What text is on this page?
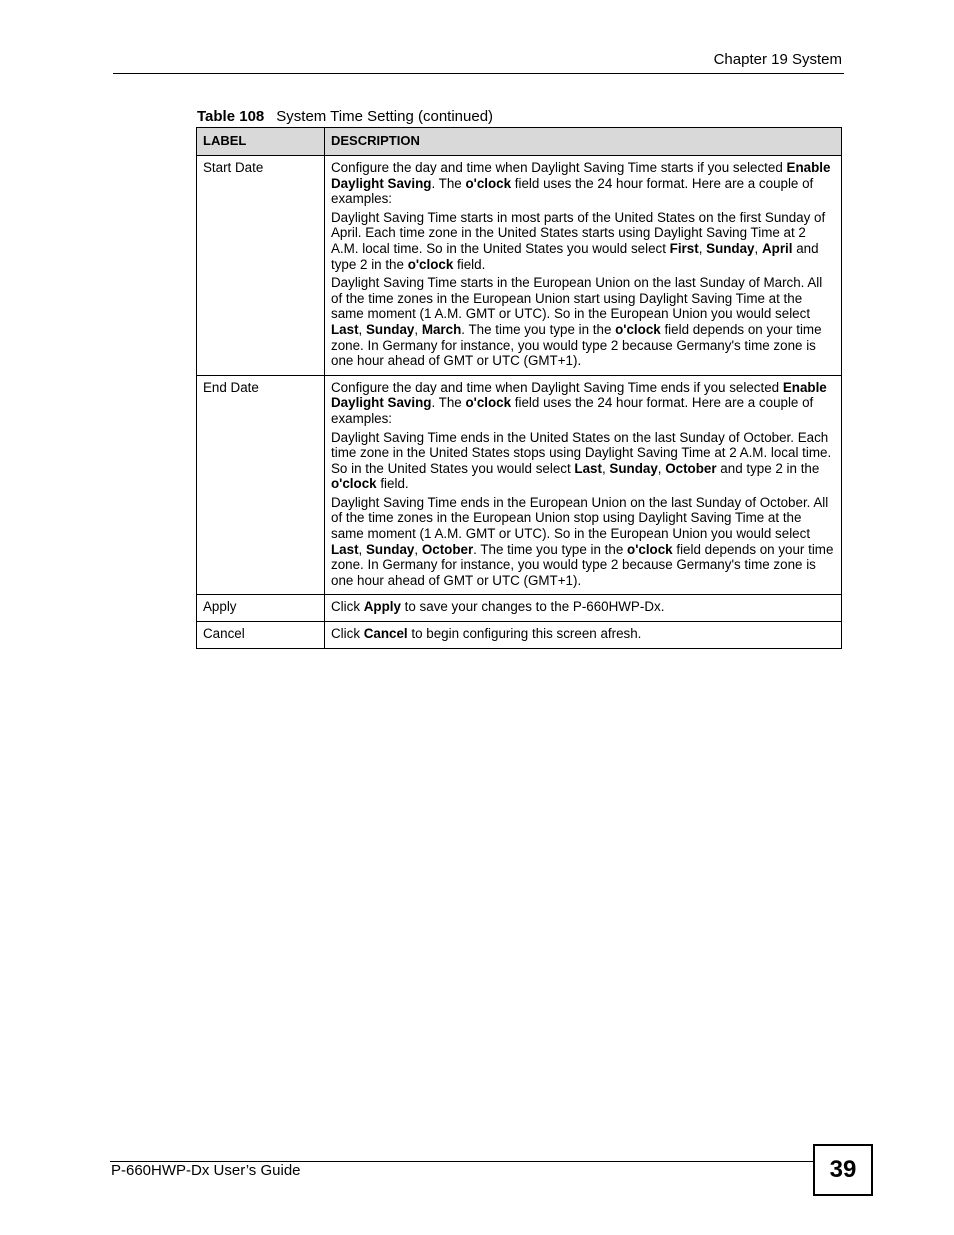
Chapter 19 System
Table 108 System Time Setting (continued)
LABEL	DESCRIPTION
Start Date	Configure the day and time when Daylight Saving Time starts if you selected Enable Daylight Saving. The o'clock field uses the 24 hour format. Here are a couple of examples:

Daylight Saving Time starts in most parts of the United States on the first Sunday of April. Each time zone in the United States starts using Daylight Saving Time at 2 A.M. local time. So in the United States you would select First, Sunday, April and type 2 in the o'clock field.

Daylight Saving Time starts in the European Union on the last Sunday of March. All of the time zones in the European Union start using Daylight Saving Time at the same moment (1 A.M. GMT or UTC). So in the European Union you would select Last, Sunday, March. The time you type in the o'clock field depends on your time zone. In Germany for instance, you would type 2 because Germany's time zone is one hour ahead of GMT or UTC (GMT+1).

End Date	Configure the day and time when Daylight Saving Time ends if you selected Enable Daylight Saving. The o'clock field uses the 24 hour format. Here are a couple of examples:

Daylight Saving Time ends in the United States on the last Sunday of October. Each time zone in the United States stops using Daylight Saving Time at 2 A.M. local time. So in the United States you would select Last, Sunday, October and type 2 in the o'clock field.

Daylight Saving Time ends in the European Union on the last Sunday of October. All of the time zones in the European Union stop using Daylight Saving Time at the same moment (1 A.M. GMT or UTC). So in the European Union you would select Last, Sunday, October. The time you type in the o'clock field depends on your time zone. In Germany for instance, you would type 2 because Germany's time zone is one hour ahead of GMT or UTC (GMT+1).

Apply	Click Apply to save your changes to the P-660HWP-Dx.

Cancel	Click Cancel to begin configuring this screen afresh.

P-660HWP-Dx User’s Guide	39
